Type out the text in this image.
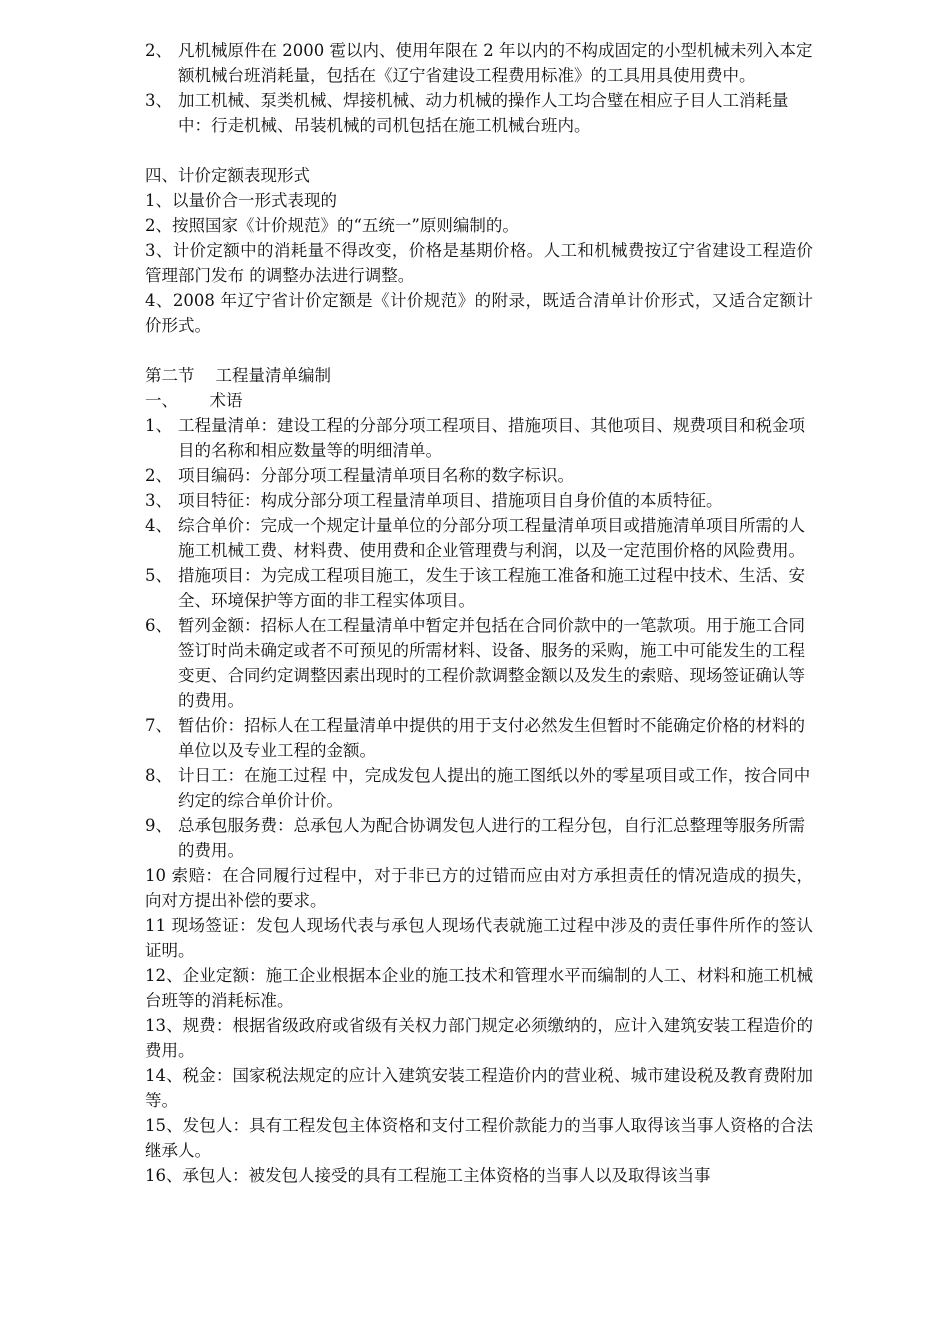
2、 凡机械原件在 2000 雹以内、使用年限在 2 年以内的不构成固定的小型机械未列入本定额机械台班消耗量，包括在《辽宁省建设工程费用标准》的工具用具使用费中。
3、 加工机械、泵类机械、焊接机械、动力机械的操作人工均合璧在相应子目人工消耗量中：行走机械、吊装机械的司机包括在施工机械台班内。

四、计价定额表现形式

1、以量价合一形式表现的

2、按照国家《计价规范》的“五统一”原则编制的。

3、计价定额中的消耗量不得改变，价格是基期价格。人工和机械费按辽宁省建设工程造价管理部门发布 的调整办法进行调整。

4、2008 年辽宁省计价定额是《计价规范》的附录，既适合清单计价形式，又适合定额计价形式。

第二节    工程量清单编制

一、      术语

1、 工程量清单：建设工程的分部分项工程项目、措施项目、其他项目、规费项目和税金项目的名称和相应数量等的明细清单。
2、 项目编码：分部分项工程量清单项目名称的数字标识。
3、 项目特征：构成分部分项工程量清单项目、措施项目自身价值的本质特征。
4、 综合单价：完成一个规定计量单位的分部分项工程量清单项目或措施清单项目所需的人施工机械工费、材料费、使用费和企业管理费与利润，以及一定范围价格的风险费用。
5、 措施项目：为完成工程项目施工，发生于该工程施工准备和施工过程中技术、生活、安全、环境保护等方面的非工程实体项目。
6、 暂列金额：招标人在工程量清单中暂定并包括在合同价款中的一笔款项。用于施工合同签订时尚未确定或者不可预见的所需材料、设备、服务的采购，施工中可能发生的工程变更、合同约定调整因素出现时的工程价款调整金额以及发生的索赔、现场签证确认等的费用。
7、 暂估价：招标人在工程量清单中提供的用于支付必然发生但暂时不能确定价格的材料的单位以及专业工程的金额。
8、 计日工：在施工过程 中，完成发包人提出的施工图纸以外的零星项目或工作，按合同中约定的综合单价计价。
9、 总承包服务费：总承包人为配合协调发包人进行的工程分包，自行汇总整理等服务所需的费用。

10 索赔：在合同履行过程中，对于非已方的过错而应由对方承担责任的情况造成的损失，向对方提出补偿的要求。

11 现场签证：发包人现场代表与承包人现场代表就施工过程中涉及的责任事件所作的签认证明。

12、企业定额：施工企业根据本企业的施工技术和管理水平而编制的人工、材料和施工机械台班等的消耗标准。

13、规费：根据省级政府或省级有关权力部门规定必须缴纳的，应计入建筑安装工程造价的费用。

14、税金：国家税法规定的应计入建筑安装工程造价内的营业税、城市建设税及教育费附加等。

15、发包人：具有工程发包主体资格和支付工程价款能力的当事人取得该当事人资格的合法继承人。

16、承包人：被发包人接受的具有工程施工主体资格的当事人以及取得该当事
